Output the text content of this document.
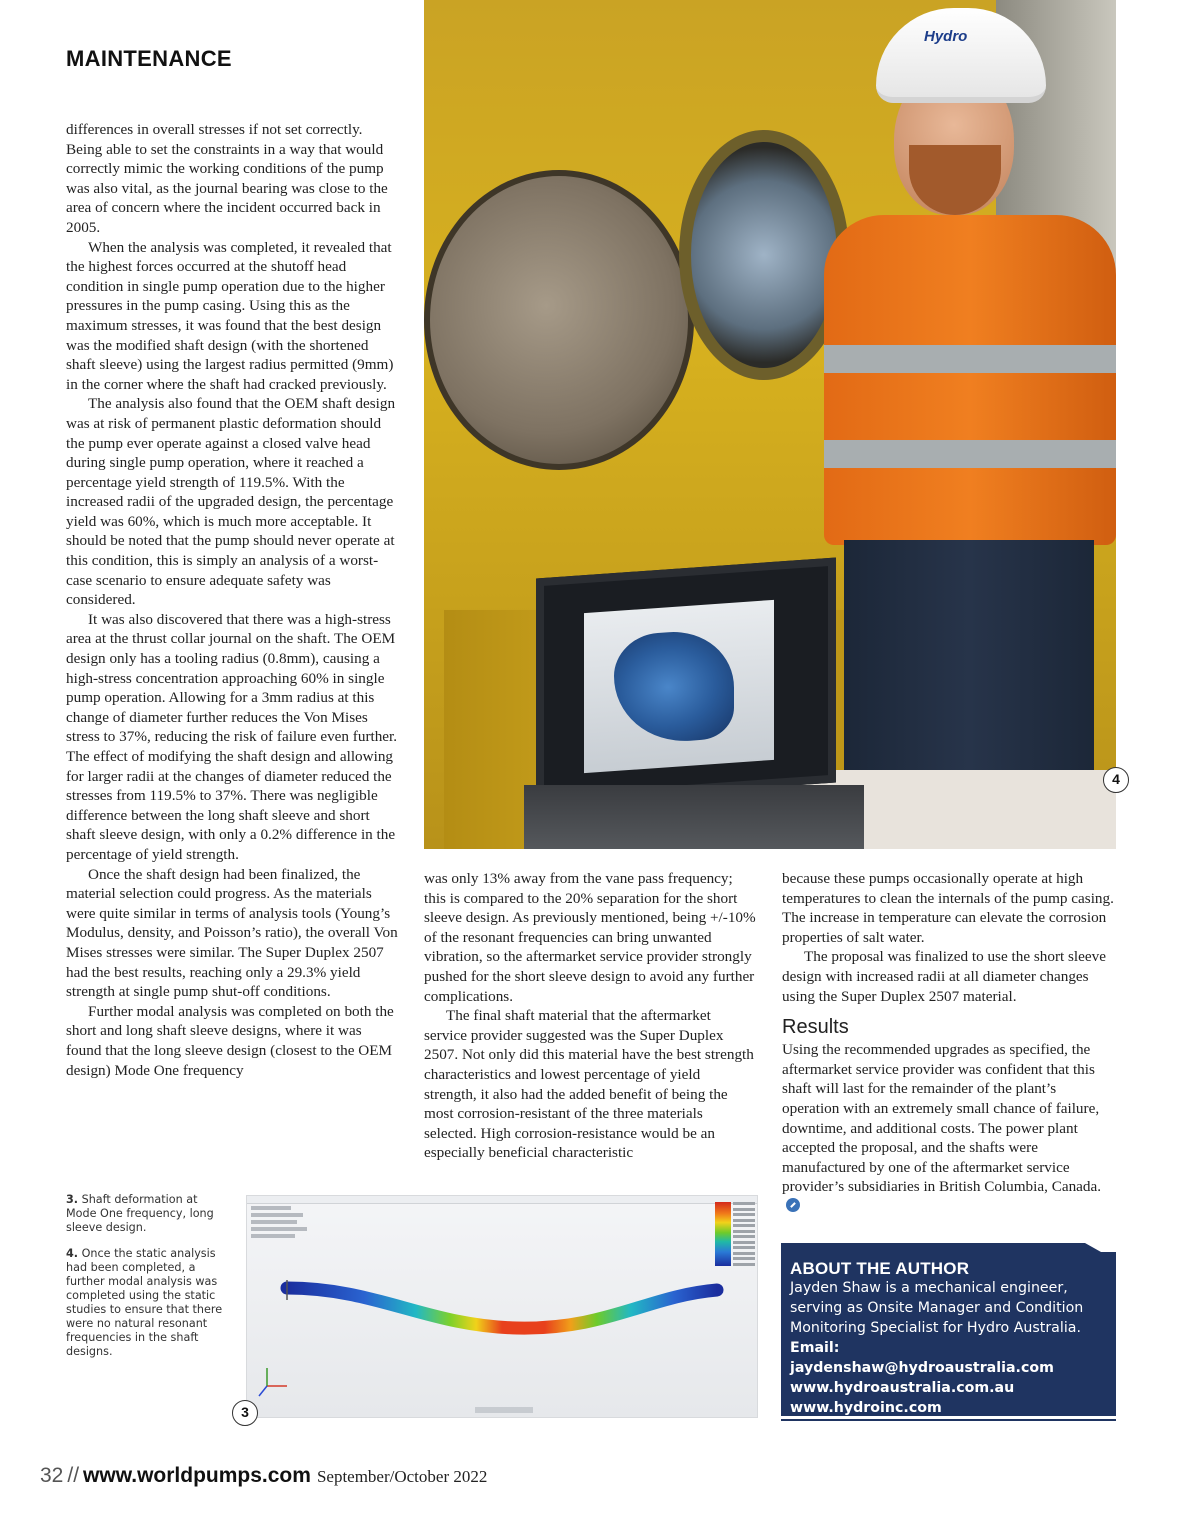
MAINTENANCE

differences in overall stresses if not set correctly. Being able to set the constraints in a way that would correctly mimic the working conditions of the pump was also vital, as the journal bearing was close to the area of concern where the incident occurred back in 2005.

When the analysis was completed, it revealed that the highest forces occurred at the shutoff head condition in single pump operation due to the higher pressures in the pump casing. Using this as the maximum stresses, it was found that the best design was the modified shaft design (with the shortened shaft sleeve) using the largest radius permitted (9mm) in the corner where the shaft had cracked previously.

The analysis also found that the OEM shaft design was at risk of permanent plastic deformation should the pump ever operate against a closed valve head during single pump operation, where it reached a percentage yield strength of 119.5%. With the increased radii of the upgraded design, the percentage yield was 60%, which is much more acceptable. It should be noted that the pump should never operate at this condition, this is simply an analysis of a worst-case scenario to ensure adequate safety was considered.

It was also discovered that there was a high-stress area at the thrust collar journal on the shaft. The OEM design only has a tooling radius (0.8mm), causing a high-stress concentration approaching 60% in single pump operation. Allowing for a 3mm radius at this change of diameter further reduces the Von Mises stress to 37%, reducing the risk of failure even further. The effect of modifying the shaft design and allowing for larger radii at the changes of diameter reduced the stresses from 119.5% to 37%. There was negligible difference between the long shaft sleeve and short shaft sleeve design, with only a 0.2% difference in the percentage of yield strength.

Once the shaft design had been finalized, the material selection could progress. As the materials were quite similar in terms of analysis tools (Young’s Modulus, density, and Poisson’s ratio), the overall Von Mises stresses were similar. The Super Duplex 2507 had the best results, reaching only a 29.3% yield strength at single pump shut-off conditions.

Further modal analysis was completed on both the short and long shaft sleeve designs, where it was found that the long sleeve design (closest to the OEM design) Mode One frequency

Hydro
4

was only 13% away from the vane pass frequency; this is compared to the 20% separation for the short sleeve design. As previously mentioned, being +/-10% of the resonant frequencies can bring unwanted vibration, so the aftermarket service provider strongly pushed for the short sleeve design to avoid any further complications.

The final shaft material that the aftermarket service provider suggested was the Super Duplex 2507. Not only did this material have the best strength characteristics and lowest percentage of yield strength, it also had the added benefit of being the most corrosion-resistant of the three materials selected. High corrosion-resistance would be an especially beneficial characteristic

because these pumps occasionally operate at high temperatures to clean the internals of the pump casing. The increase in temperature can elevate the corrosion properties of salt water.

The proposal was finalized to use the short sleeve design with increased radii at all diameter changes using the Super Duplex 2507 material.

Results

Using the recommended upgrades as specified, the aftermarket service provider was confident that this shaft will last for the remainder of the plant’s operation with an extremely small chance of failure, downtime, and additional costs. The power plant accepted the proposal, and the shafts were manufactured by one of the aftermarket service provider’s subsidiaries in British Columbia, Canada.

3. Shaft deformation at Mode One frequency, long sleeve design.
4. Once the static analysis had been completed, a further modal analysis was completed using the static studies to ensure that there were no natural resonant frequencies in the shaft designs.
3
ABOUT THE AUTHOR
Jayden Shaw is a mechanical engineer, serving as Onsite Manager and Condition Monitoring Specialist for Hydro Australia.
Email: jaydenshaw@hydroaustralia.com
www.hydroaustralia.com.au
www.hydroinc.com
32 // www.worldpumps.com September/October 2022
